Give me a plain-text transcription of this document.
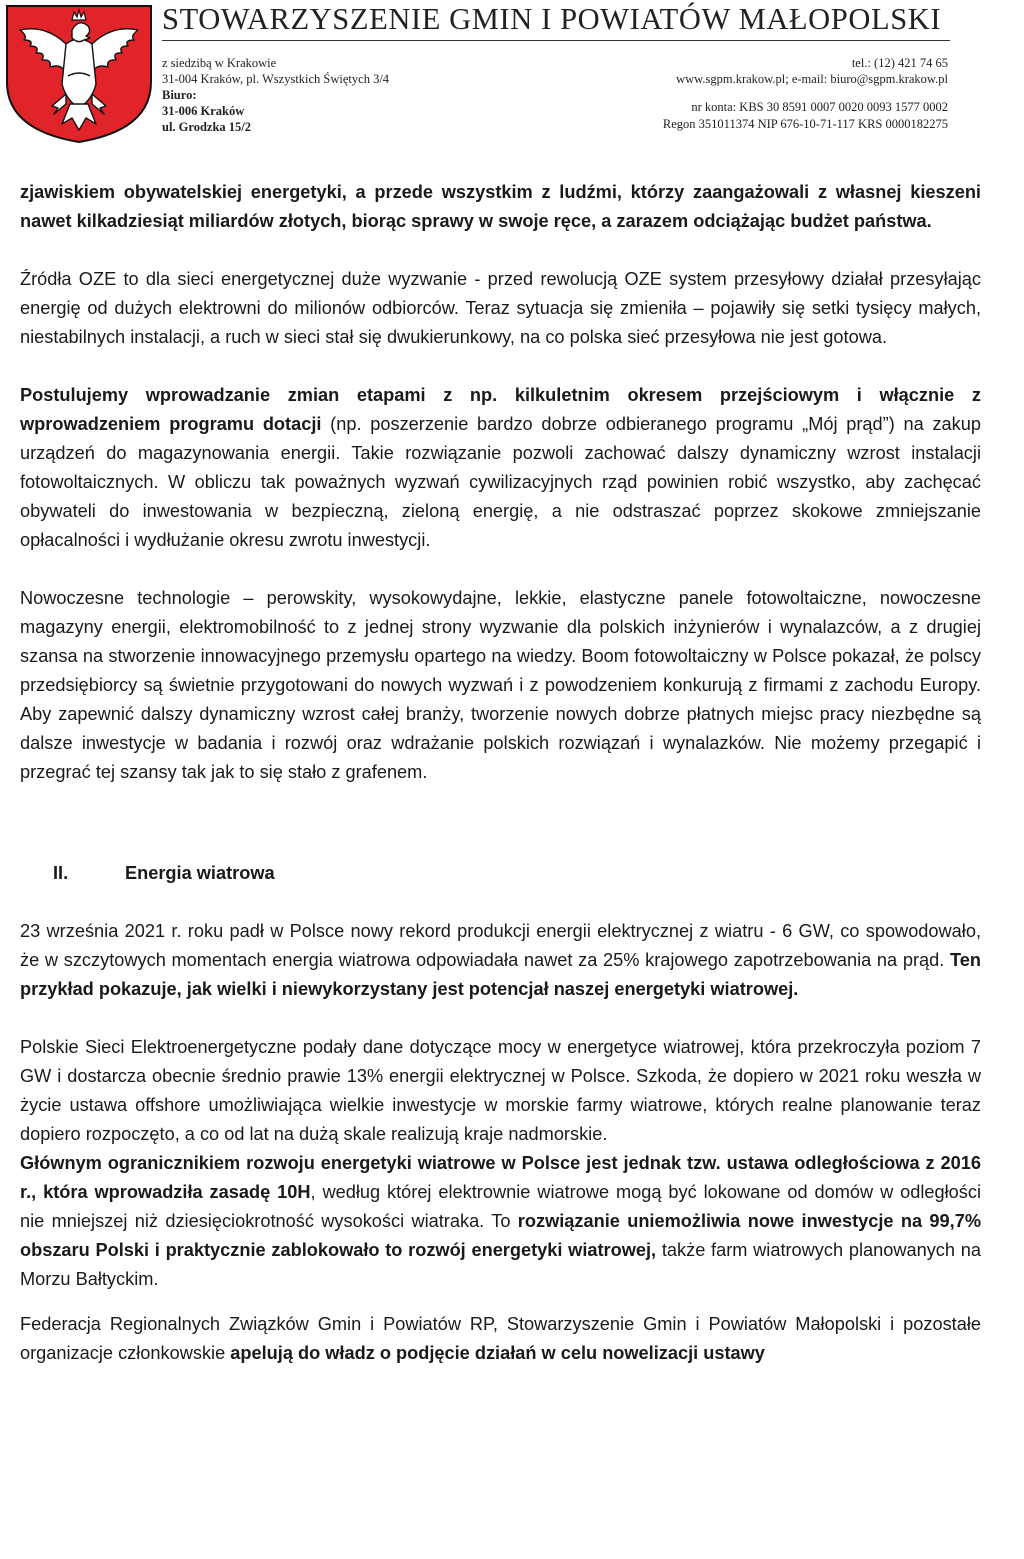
STOWARZYSZENIE GMIN I POWIATÓW MAŁOPOLSKI
z siedzibą w Krakowie
31-004 Kraków, pl. Wszystkich Świętych 3/4
Biuro:
31-006 Kraków
ul. Grodzka 15/2
tel.: (12) 421 74 65
www.sgpm.krakow.pl; e-mail: biuro@sgpm.krakow.pl
nr konta: KBS 30 8591 0007 0020 0093 1577 0002
Regon 351011374 NIP 676-10-71-117 KRS 0000182275

zjawiskiem obywatelskiej energetyki, a przede wszystkim z ludźmi, którzy zaangażowali z własnej kieszeni nawet kilkadziesiąt miliardów złotych, biorąc sprawy w swoje ręce, a zarazem odciążając budżet państwa.

Źródła OZE to dla sieci energetycznej duże wyzwanie - przed rewolucją OZE system przesyłowy działał przesyłając energię od dużych elektrowni do milionów odbiorców. Teraz sytuacja się zmieniła – pojawiły się setki tysięcy małych, niestabilnych instalacji, a ruch w sieci stał się dwukierunkowy, na co polska sieć przesyłowa nie jest gotowa.

Postulujemy wprowadzanie zmian etapami z np. kilkuletnim okresem przejściowym i włącznie z wprowadzeniem programu dotacji (np. poszerzenie bardzo dobrze odbieranego programu „Mój prąd”) na zakup urządzeń do magazynowania energii. Takie rozwiązanie pozwoli zachować dalszy dynamiczny wzrost instalacji fotowoltaicznych. W obliczu tak poważnych wyzwań cywilizacyjnych rząd powinien robić wszystko, aby zachęcać obywateli do inwestowania w bezpieczną, zieloną energię, a nie odstraszać poprzez skokowe zmniejszanie opłacalności i wydłużanie okresu zwrotu inwestycji.

Nowoczesne technologie – perowskity, wysokowydajne, lekkie, elastyczne panele fotowoltaiczne, nowoczesne magazyny energii, elektromobilność to z jednej strony wyzwanie dla polskich inżynierów i wynalazców, a z drugiej szansa na stworzenie innowacyjnego przemysłu opartego na wiedzy. Boom fotowoltaiczny w Polsce pokazał, że polscy przedsiębiorcy są świetnie przygotowani do nowych wyzwań i z powodzeniem konkurują z firmami z zachodu Europy. Aby zapewnić dalszy dynamiczny wzrost całej branży, tworzenie nowych dobrze płatnych miejsc pracy niezbędne są dalsze inwestycje w badania i rozwój oraz wdrażanie polskich rozwiązań i wynalazków. Nie możemy przegapić i przegrać tej szansy tak jak to się stało z grafenem.

II.	Energia wiatrowa

23 września 2021 r. roku padł w Polsce nowy rekord produkcji energii elektrycznej z wiatru - 6 GW, co spowodowało, że w szczytowych momentach energia wiatrowa odpowiadała nawet za 25% krajowego zapotrzebowania na prąd. Ten przykład pokazuje, jak wielki i niewykorzystany jest potencjał naszej energetyki wiatrowej.

Polskie Sieci Elektroenergetyczne podały dane dotyczące mocy w energetyce wiatrowej, która przekroczyła poziom 7 GW i dostarcza obecnie średnio prawie 13% energii elektrycznej w Polsce. Szkoda, że dopiero w 2021 roku weszła w życie ustawa offshore umożliwiająca wielkie inwestycje w morskie farmy wiatrowe, których realne planowanie teraz dopiero rozpoczęto, a co od lat na dużą skale realizują kraje nadmorskie.

Głównym ogranicznikiem rozwoju energetyki wiatrowe w Polsce jest jednak tzw. ustawa odległościowa z 2016 r., która wprowadziła zasadę 10H, według której elektrownie wiatrowe mogą być lokowane od domów w odległości nie mniejszej niż dziesięciokrotność wysokości wiatraka. To rozwiązanie uniemożliwia nowe inwestycje na 99,7% obszaru Polski i praktycznie zablokowało to rozwój energetyki wiatrowej, także farm wiatrowych planowanych na Morzu Bałtyckim.

Federacja Regionalnych Związków Gmin i Powiatów RP, Stowarzyszenie Gmin i Powiatów Małopolski i pozostałe organizacje członkowskie apelują do władz o podjęcie działań w celu nowelizacji ustawy
